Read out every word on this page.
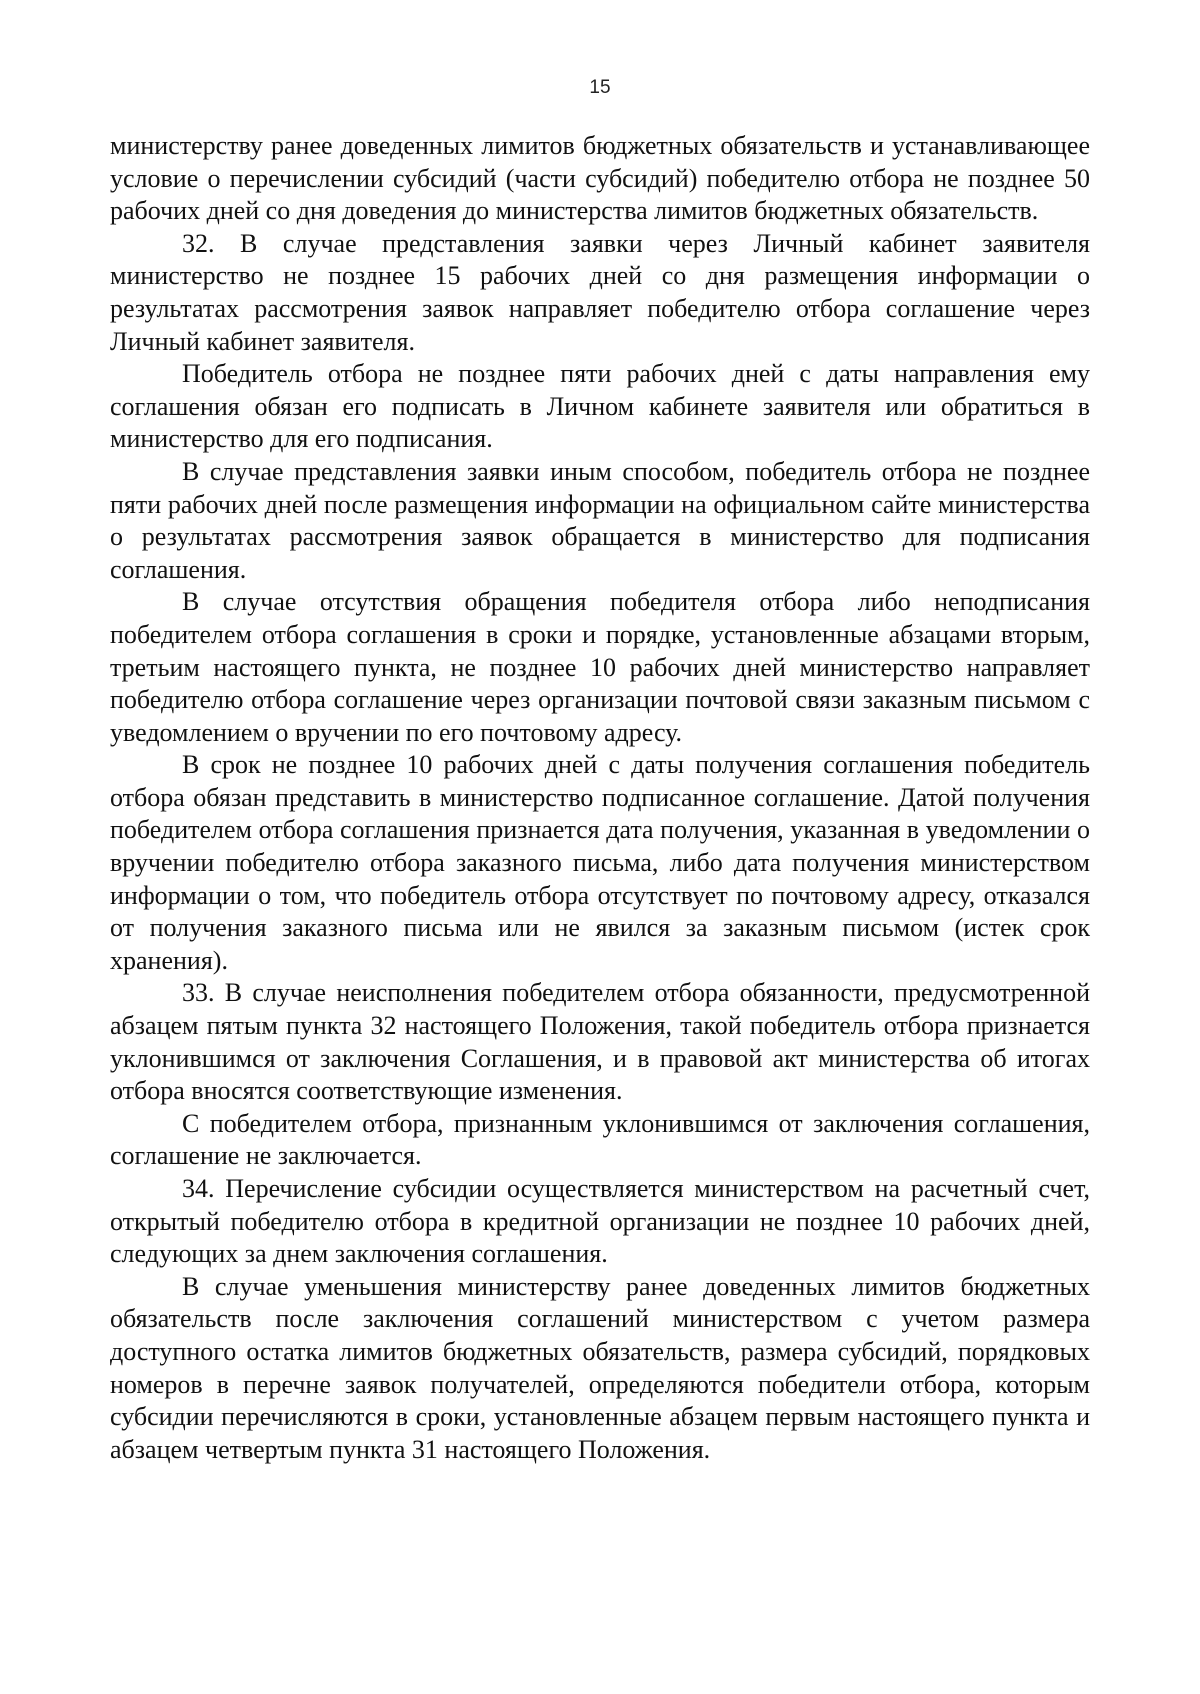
15

министерству ранее доведенных лимитов бюджетных обязательств и устанавливающее условие о перечислении субсидий (части субсидий) победителю отбора не позднее 50 рабочих дней со дня доведения до министерства лимитов бюджетных обязательств.

32. В случае представления заявки через Личный кабинет заявителя министерство не позднее 15 рабочих дней со дня размещения информации о результатах рассмотрения заявок направляет победителю отбора соглашение через Личный кабинет заявителя.

Победитель отбора не позднее пяти рабочих дней с даты направления ему соглашения обязан его подписать в Личном кабинете заявителя или обратиться в министерство для его подписания.

В случае представления заявки иным способом, победитель отбора не позднее пяти рабочих дней после размещения информации на официальном сайте министерства о результатах рассмотрения заявок обращается в министерство для подписания соглашения.

В случае отсутствия обращения победителя отбора либо неподписания победителем отбора соглашения в сроки и порядке, установленные абзацами вторым, третьим настоящего пункта, не позднее 10 рабочих дней министерство направляет победителю отбора соглашение через организации почтовой связи заказным письмом с уведомлением о вручении по его почтовому адресу.

В срок не позднее 10 рабочих дней с даты получения соглашения победитель отбора обязан представить в министерство подписанное соглашение. Датой получения победителем отбора соглашения признается дата получения, указанная в уведомлении о вручении победителю отбора заказного письма, либо дата получения министерством информации о том, что победитель отбора отсутствует по почтовому адресу, отказался от получения заказного письма или не явился за заказным письмом (истек срок хранения).

33. В случае неисполнения победителем отбора обязанности, предусмотренной абзацем пятым пункта 32 настоящего Положения, такой победитель отбора признается уклонившимся от заключения Соглашения, и в правовой акт министерства об итогах отбора вносятся соответствующие изменения.

С победителем отбора, признанным уклонившимся от заключения соглашения, соглашение не заключается.

34. Перечисление субсидии осуществляется министерством на расчетный счет, открытый победителю отбора в кредитной организации не позднее 10 рабочих дней, следующих за днем заключения соглашения.

В случае уменьшения министерству ранее доведенных лимитов бюджетных обязательств после заключения соглашений министерством с учетом размера доступного остатка лимитов бюджетных обязательств, размера субсидий, порядковых номеров в перечне заявок получателей, определяются победители отбора, которым субсидии перечисляются в сроки, установленные абзацем первым настоящего пункта и абзацем четвертым пункта 31 настоящего Положения.
